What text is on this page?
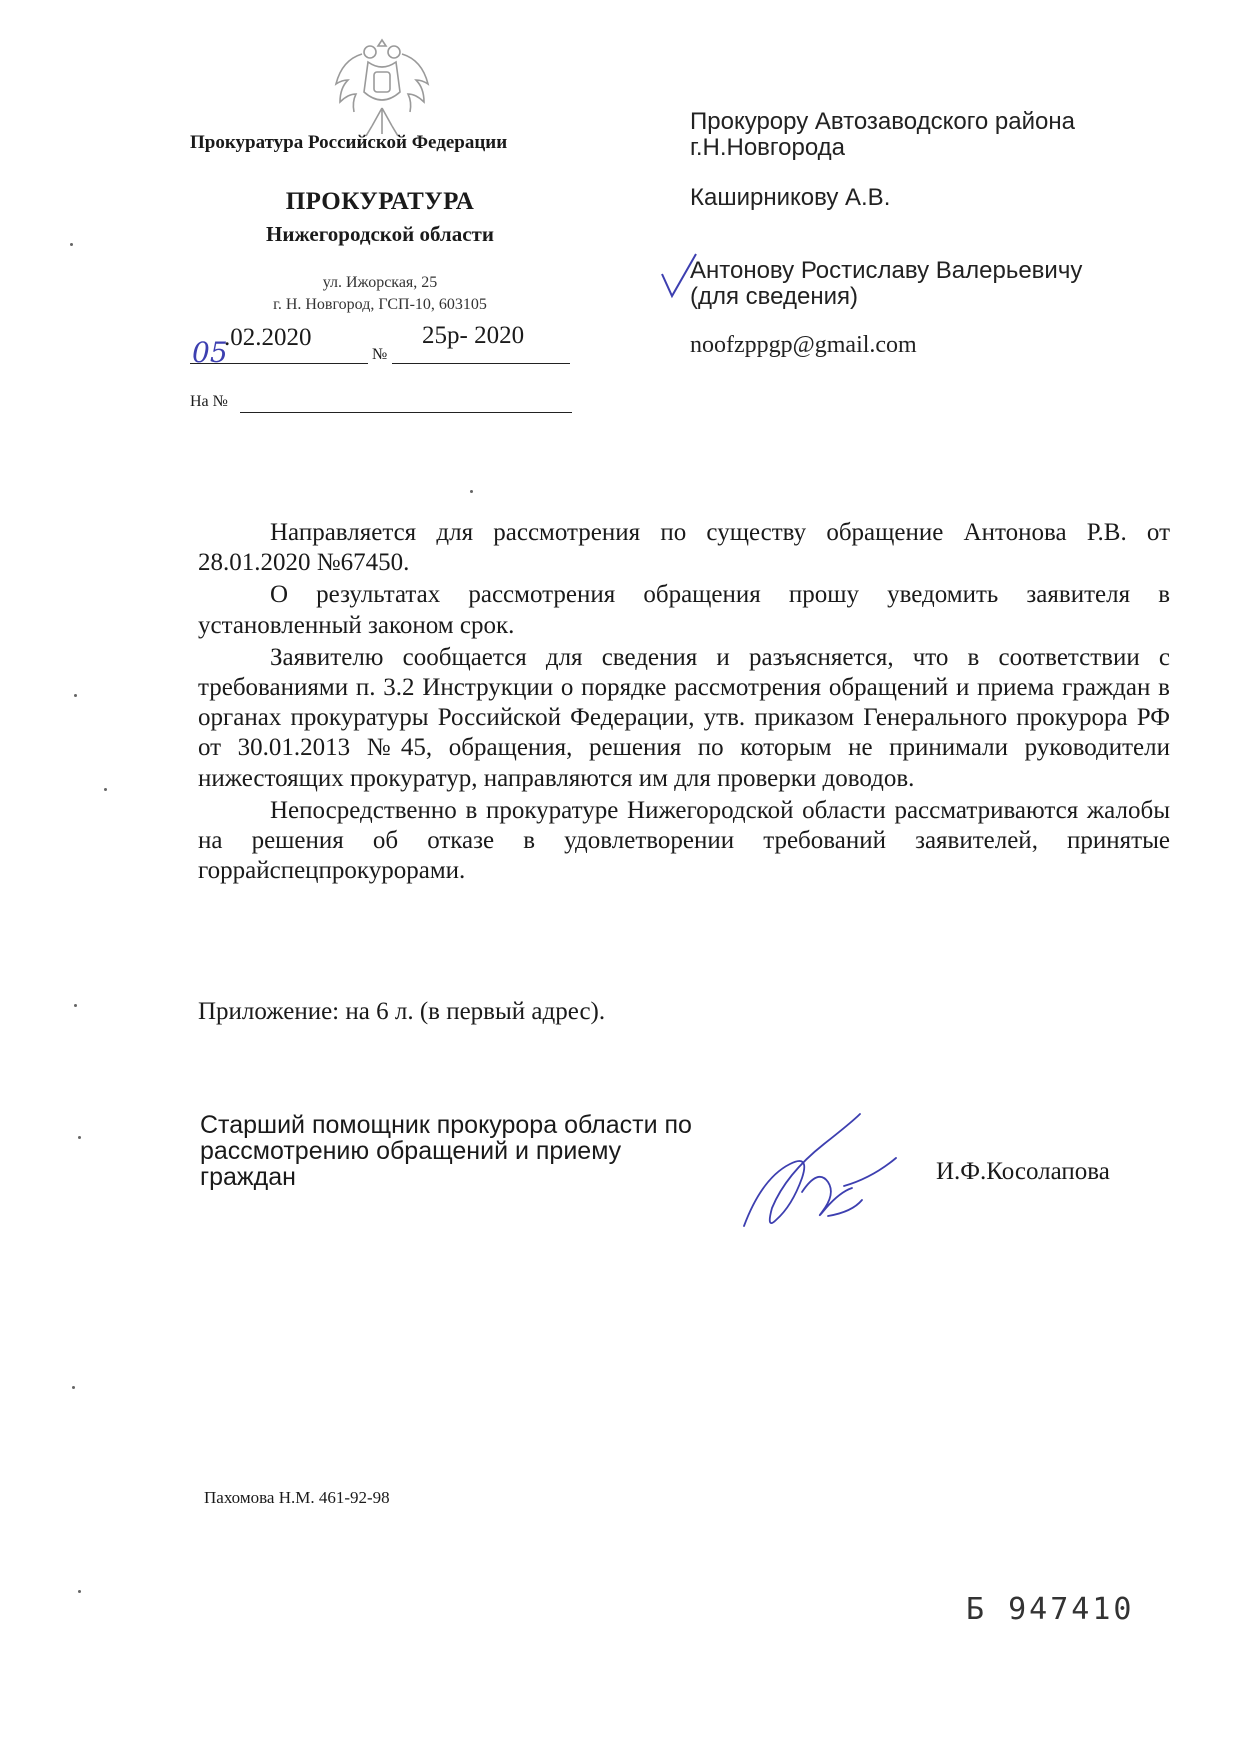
Прокуратура Российской Федерации
ПРОКУРАТУРА
Нижегородской области
ул. Ижорская, 25
г. Н. Новгород, ГСП-10, 603105
05
.02.2020
№
25р- 2020
На №
Прокурору Автозаводского района
г.Н.Новгорода
Каширникову А.В.
Антонову Ростиславу Валерьевичу
(для сведения)
noofzppgp@gmail.com

Направляется для рассмотрения по существу обращение Антонова Р.В. от 28.01.2020 №67450.

О результатах рассмотрения обращения прошу уведомить заявителя в установленный законом срок.

Заявителю сообщается для сведения и разъясняется, что в соответствии с требованиями п. 3.2 Инструкции о порядке рассмотрения обращений и приема граждан в органах прокуратуры Российской Федерации, утв. приказом Генерального прокурора РФ от 30.01.2013 №45, обращения, решения по которым не принимали руководители нижестоящих прокуратур, направляются им для проверки доводов.

Непосредственно в прокуратуре Нижегородской области рассматриваются жалобы на решения об отказе в удовлетворении требований заявителей, принятые горрайспецпрокурорами.

Приложение: на 6 л. (в первый адрес).
Старший помощник прокурора области по
рассмотрению обращений и приему
граждан	И.Ф.Косолапова
Пахомова Н.М. 461-92-98
Б 947410
